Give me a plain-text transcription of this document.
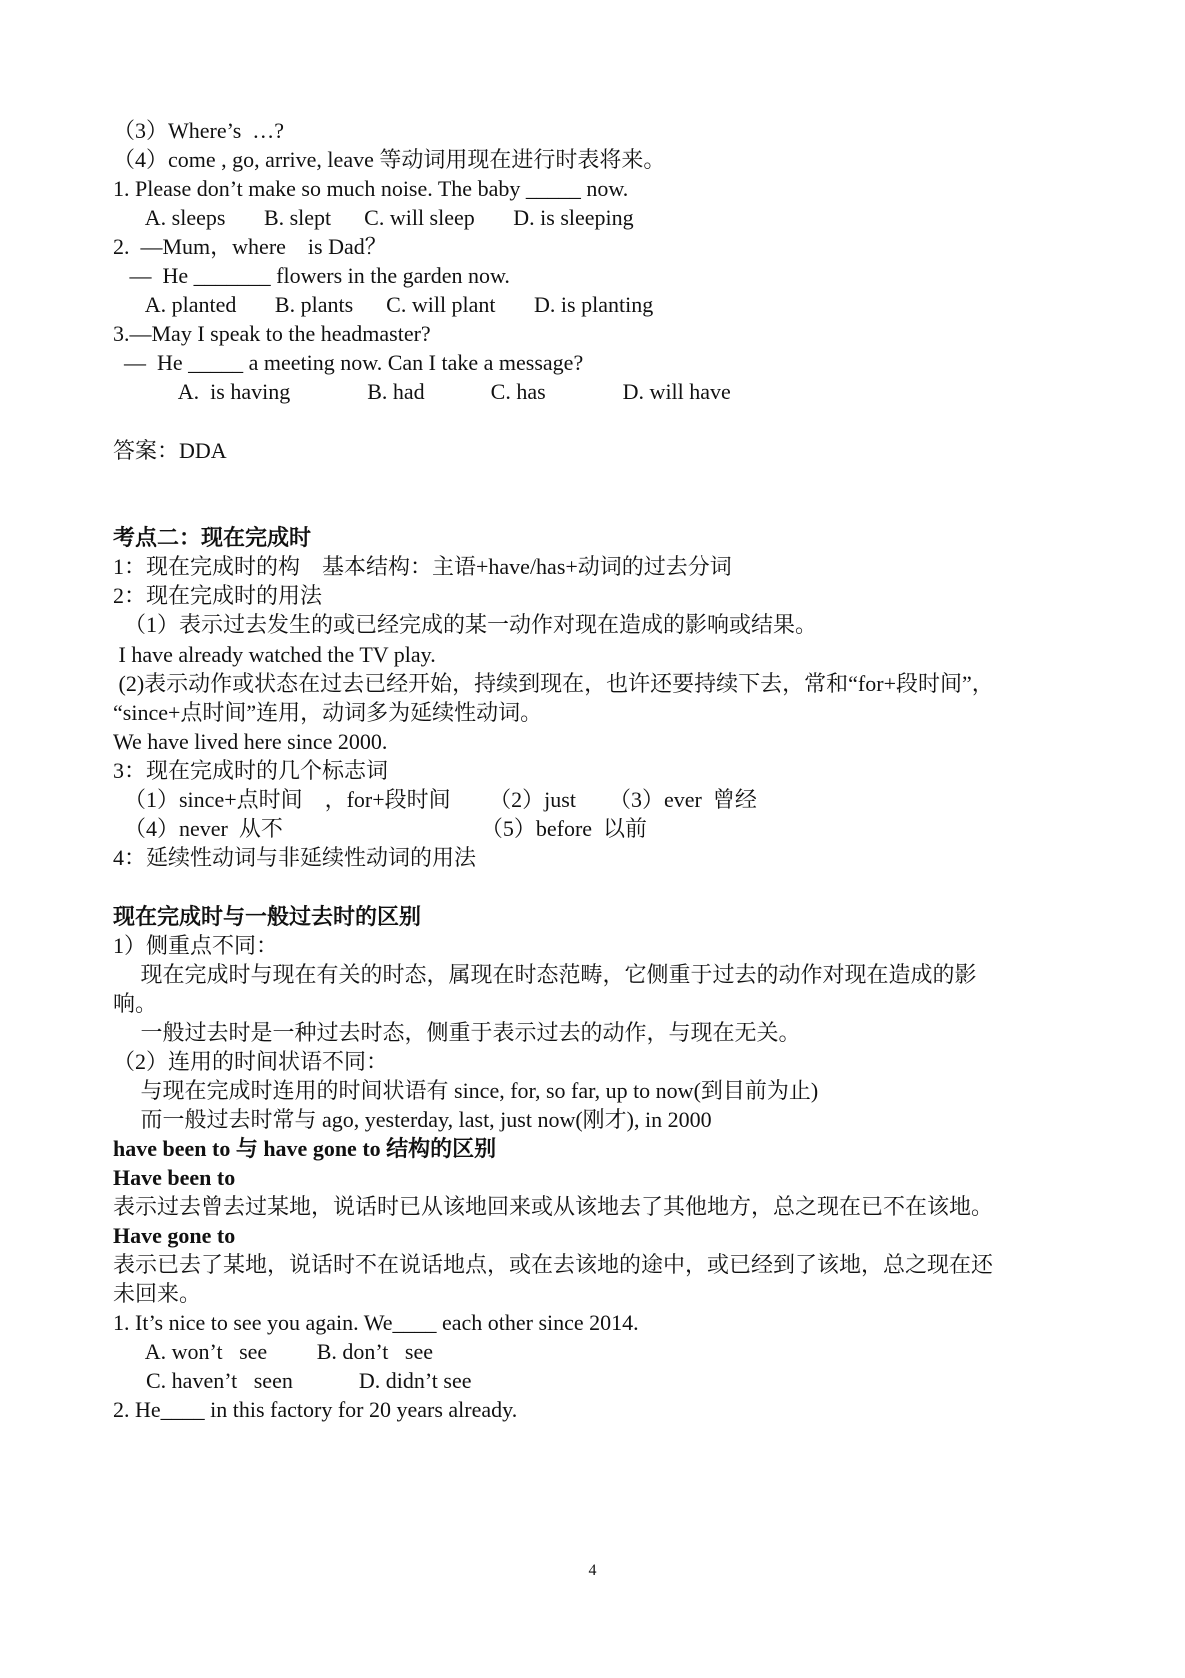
（3）Where’s  …?
（4）come , go, arrive, leave 等动词用现在进行时表将来。
1. Please don’t make so much noise. The baby _____ now.
A. sleeps       B. slept      C. will sleep       D. is sleeping
2.  —Mum，where    is Dad？
—  He _______ flowers in the garden now.
A. planted       B. plants      C. will plant       D. is planting
3.—May I speak to the headmaster?
—  He _____ a meeting now. Can I take a message?
A.  is having              B. had            C. has              D. will have
答案：DDA
考点二：现在完成时
1：现在完成时的构    基本结构：主语+have/has+动词的过去分词
2：现在完成时的用法
（1）表示过去发生的或已经完成的某一动作对现在造成的影响或结果。
I have already watched the TV play.
(2)表示动作或状态在过去已经开始，持续到现在，也许还要持续下去，常和“for+段时间”，
“since+点时间”连用，动词多为延续性动词。
We have lived here since 2000.
3：现在完成时的几个标志词
（1）since+点时间    ，for+段时间       （2）just      （3）ever  曾经
（4）never  从不                                    （5）before  以前
4：延续性动词与非延续性动词的用法
现在完成时与一般过去时的区别
1）侧重点不同：
现在完成时与现在有关的时态，属现在时态范畴，它侧重于过去的动作对现在造成的影
响。
一般过去时是一种过去时态，侧重于表示过去的动作，与现在无关。
（2）连用的时间状语不同：
与现在完成时连用的时间状语有 since, for, so far, up to now(到目前为止)
而一般过去时常与 ago, yesterday, last, just now(刚才), in 2000
have been to 与 have gone to 结构的区别
Have been to
表示过去曾去过某地，说话时已从该地回来或从该地去了其他地方，总之现在已不在该地。
Have gone to
表示已去了某地，说话时不在说话地点，或在去该地的途中，或已经到了该地，总之现在还
未回来。
1. It’s nice to see you again. We____ each other since 2014.
A. won’t   see         B. don’t   see
C. haven’t   seen            D. didn’t see
2. He____ in this factory for 20 years already.
4
